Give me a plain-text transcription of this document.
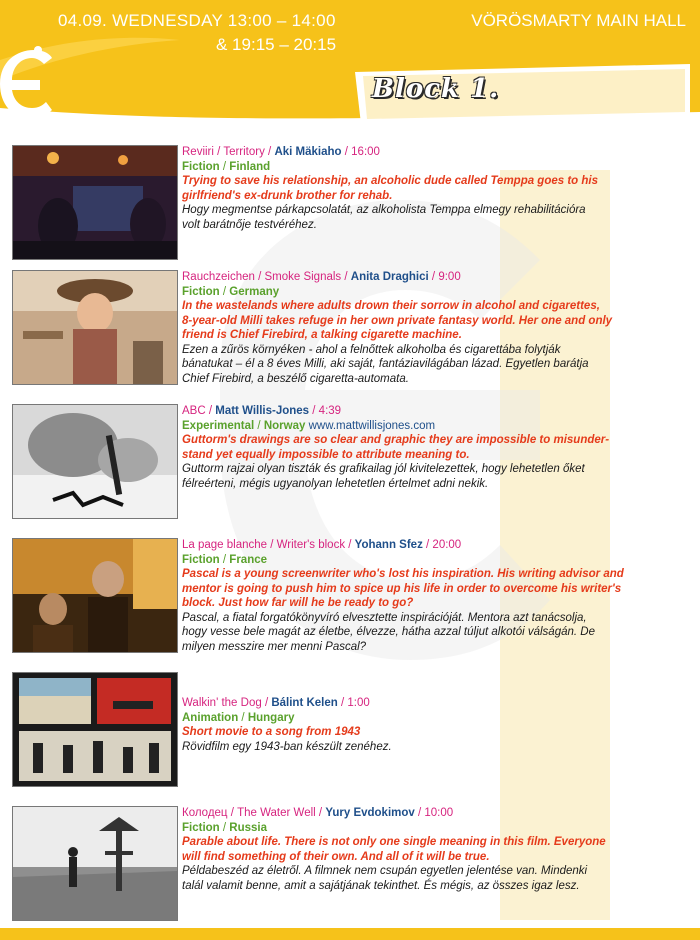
04.09. WEDNESDAY 13:00 – 14:00
& 19:15 – 20:15
VÖRÖSMARTY MAIN HALL
Block 1.
Reviiri / Territory / Aki Mäkiaho / 16:00
Fiction / Finland
Trying to save his relationship, an alcoholic dude called Temppa goes to his
girlfriend's ex-drunk brother for rehab.
Hogy megmentse párkapcsolatát, az alkoholista Temppa elmegy rehabilitációra
volt barátnője testvéréhez.
Rauchzeichen / Smoke Signals / Anita Draghici / 9:00
Fiction / Germany
In the wastelands where adults drown their sorrow in alcohol and cigarettes,
8-year-old Milli takes refuge in her own private fantasy world. Her one and only
friend is Chief Firebird, a talking cigarette machine.
Ezen a zűrös környéken - ahol a felnőttek alkoholba és cigarettába folytják
bánatukat – él a 8 éves Milli, aki saját, fantáziavilágában lázad. Egyetlen barátja
Chief Firebird, a beszélő cigaretta-automata.
ABC / Matt Willis-Jones / 4:39
Experimental / Norway www.mattwillisjones.com
Guttorm's drawings are so clear and graphic they are impossible to misunder-
stand yet equally impossible to attribute meaning to.
Guttorm rajzai olyan tiszták és grafikailag jól kivitelezettek, hogy lehetetlen őket
félreérteni, mégis ugyanolyan lehetetlen értelmet adni nekik.
La page blanche / Writer's block / Yohann Sfez / 20:00
Fiction / France
Pascal is a young screenwriter who's lost his inspiration. His writing advisor and
mentor is going to push him to spice up his life in order to overcome his writer's
block. Just how far will he be ready to go?
Pascal, a fiatal forgatókönyvíró elvesztette inspirációját. Mentora azt tanácsolja,
hogy vesse bele magát az életbe, élvezze, hátha azzal túljut alkotói válságán. De
milyen messzire mer menni Pascal?
Walkin' the Dog / Bálint Kelen / 1:00
Animation / Hungary
Short movie to a song from 1943
Rövidfilm egy 1943-ban készült zenéhez.
Колодец / The Water Well / Yury Evdokimov / 10:00
Fiction / Russia
Parable about life. There is not only one single meaning in this film. Everyone
will find something of their own. And all of it will be true.
Példabeszéd az életről. A filmnek nem csupán egyetlen jelentése van. Mindenki
talál valamit benne, amit a sajátjának tekinthet. És mégis, az összes igaz lesz.
